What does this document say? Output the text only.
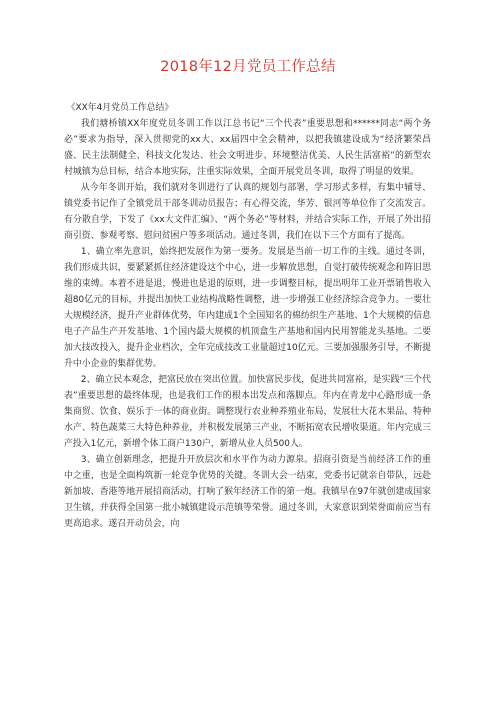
2018年12月党员工作总结

《XX年4月党员工作总结》

我们塘桥镇XX年度党员冬训工作以江总书记“三个代表”重要思想和******同志“两个务必”要求为指导，深入贯彻党的xx大、xx届四中全会精神，以把我镇建设成为“经济繁荣昌盛、民主法制健全、科技文化发达、社会文明进步、环境整洁优美、人民生活富裕”的新型农村城镇为总目标，结合本地实际，注重实际效果，全面开展党员冬训，取得了明显的效果。

从今年冬训开始，我们就对冬训进行了认真的规划与部署，学习形式多样，有集中辅导、镇党委书记作了全镇党员干部冬训动员报告；有心得交流，华芳、银河等单位作了交流发言。有分散自学，下发了《xx大文件汇编》、“两个务必”等材料，并结合实际工作，开展了外出招商引资、参观考察、慰问贫困户等多项活动。通过冬训，我们在以下三个方面有了提高。

1、确立率先意识，始终把发展作为第一要务。发展是当前一切工作的主线。通过冬训，我们形成共识，要紧紧抓住经济建设这个中心，进一步解放思想，自觉打破传统观念和阵旧思维的束缚。本着不进是退，慢进也是退的原则，进一步调整目标，提出明年工业开票销售收入超80亿元的目标，并提出加快工业结构战略性调整，进一步增强工业经济综合竞争力。一要壮大规模经济，提升产业群体优势，年内建成1个全国知名的棉纺织生产基地、1个大规模的信息电子产品生产开发基地、1个国内最大规模的机顶盒生产基地和国内民用智能龙头基地。二要加大技改投入，提升企业档次，全年完成技改工业量超过10亿元。三要加强服务引导，不断提升中小企业的集群优势。

2、确立民本观念，把富民放在突出位置。加快富民步伐，促进共同富裕，是实践“三个代表”重要思想的最终体现，也是我们工作的根本出发点和落脚点。年内在青龙中心路形成一条集商贸、饮食、娱乐于一体的商业街。调整现行农业种养殖业布局，发展壮大花木果品、特种水产、特色蔬菜三大特色种养业，并积极发展第三产业，不断拓宽农民增收渠道。年内完成三产投入1亿元，新增个体工商户130户，新增从业人员500人。

3、确立创新理念，把提升开放层次和水平作为动力源泉。招商引资是当前经济工作的重中之重，也是全面构筑新一轮竞争优势的关键。冬训大会一结束，党委书记就亲自带队，远赴新加坡、香港等地开展招商活动，打响了猴年经济工作的第一炮。我镇早在97年就创建成国家卫生镇，并获得全国第一批小城镇建设示范镇等荣誉。通过冬训，大家意识到荣誉面前应当有更高追求。遂召开动员会，向
